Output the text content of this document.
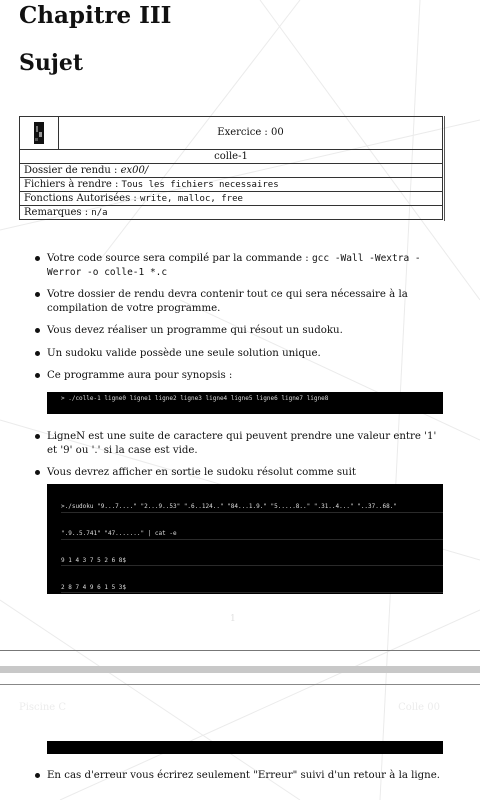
Chapitre III
Sujet
Exercice : 00
colle-1
Dossier de rendu : ex00/
Fichiers à rendre : Tous les fichiers necessaires
Fonctions Autorisées : write, malloc, free
Remarques : n/a
Votre code source sera compilé par la commande : gcc -Wall -Wextra -Werror -o colle-1 *.c
Votre dossier de rendu devra contenir tout ce qui sera nécessaire à la compilation de votre programme.
Vous devez réaliser un programme qui résout un sudoku.
Un sudoku valide possède une seule solution unique.
Ce programme aura pour synopsis :
> ./colle-1 ligne0 ligne1 ligne2 ligne3 ligne4 ligne5 ligne6 ligne7 ligne8
LigneN est une suite de caractere qui peuvent prendre une valeur entre '1' et '9' ou '.' si la case est vide.
Vous devrez afficher en sortie le sudoku résolut comme suit

>./sudoku "9...7...." "2...9..53" ".6..124.." "84...1.9." "5.....8.." ".31..4..." "..37..68."

".9..5.741" "47......." | cat -e

9 1 4 3 7 5 2 6 8$

2 8 7 4 9 6 1 5 3$

1
Piscine C	Colle 00
En cas d'erreur vous écrirez seulement "Erreur" suivi d'un retour à la ligne.
